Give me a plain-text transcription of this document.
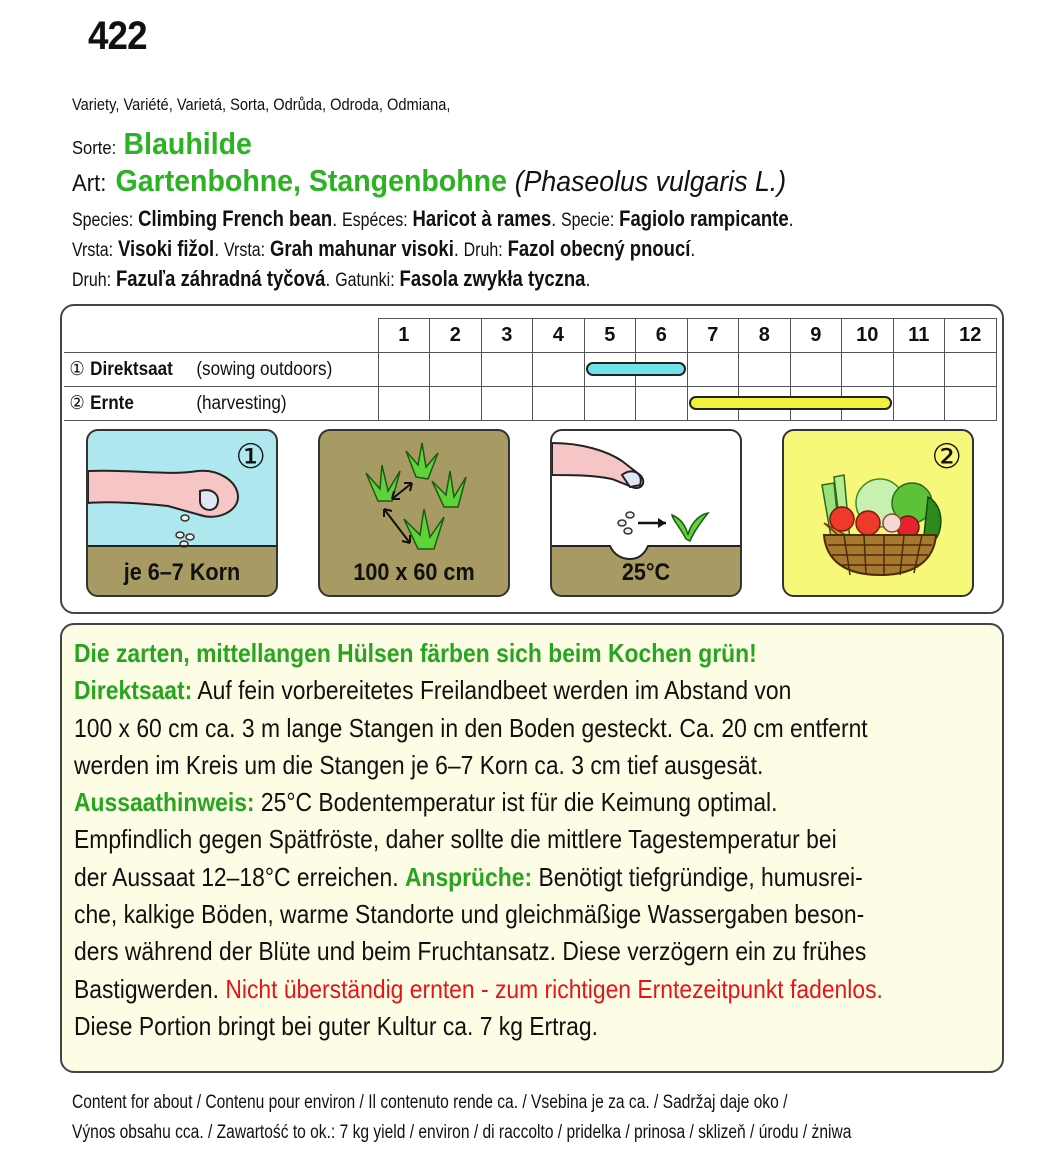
422
Variety, Variété, Varietá, Sorta, Odrůda, Odroda, Odmiana,
Sorte: Blauhilde
Art: Gartenbohne, Stangenbohne (Phaseolus vulgaris L.)
Species: Climbing French bean. Espéces: Haricot à rames. Specie: Fagiolo rampicante.
Vrsta: Visoki fižol. Vrsta: Grah mahunar visoki. Druh: Fazol obecný pnoucí.
Druh: Fazuľa záhradná tyčová. Gatunki: Fasola zwykła tyczna.
	1	2	3	4	5	6	7	8	9	10	11	12

① Direktsaat (sowing outdoors)												

② Ernte (harvesting)												

①
je 6–7 Korn	100 x 60 cm	25°C
②
Die zarten, mittellangen Hülsen färben sich beim Kochen grün!
Direktsaat: Auf fein vorbereitetes Freilandbeet werden im Abstand von
100 x 60 cm ca. 3 m lange Stangen in den Boden gesteckt. Ca. 20 cm entfernt
werden im Kreis um die Stangen je 6–7 Korn ca. 3 cm tief ausgesät.
Aussaathinweis: 25°C Bodentemperatur ist für die Keimung optimal.
Empfindlich gegen Spätfröste, daher sollte die mittlere Tagestemperatur bei
der Aussaat 12–18°C erreichen. Ansprüche: Benötigt tiefgründige, humusrei-
che, kalkige Böden, warme Standorte und gleichmäßige Wassergaben beson-
ders während der Blüte und beim Fruchtansatz. Diese verzögern ein zu frühes
Bastigwerden. Nicht überständig ernten - zum richtigen Erntezeitpunkt fadenlos.
Diese Portion bringt bei guter Kultur ca. 7 kg Ertrag.
Content for about / Contenu pour environ / Il contenuto rende ca. / Vsebina je za ca. / Sadržaj daje oko /
Výnos obsahu cca. / Zawartość to ok.: 7 kg yield / environ / di raccolto / pridelka / prinosa / sklizeň / úrodu / żniwa
